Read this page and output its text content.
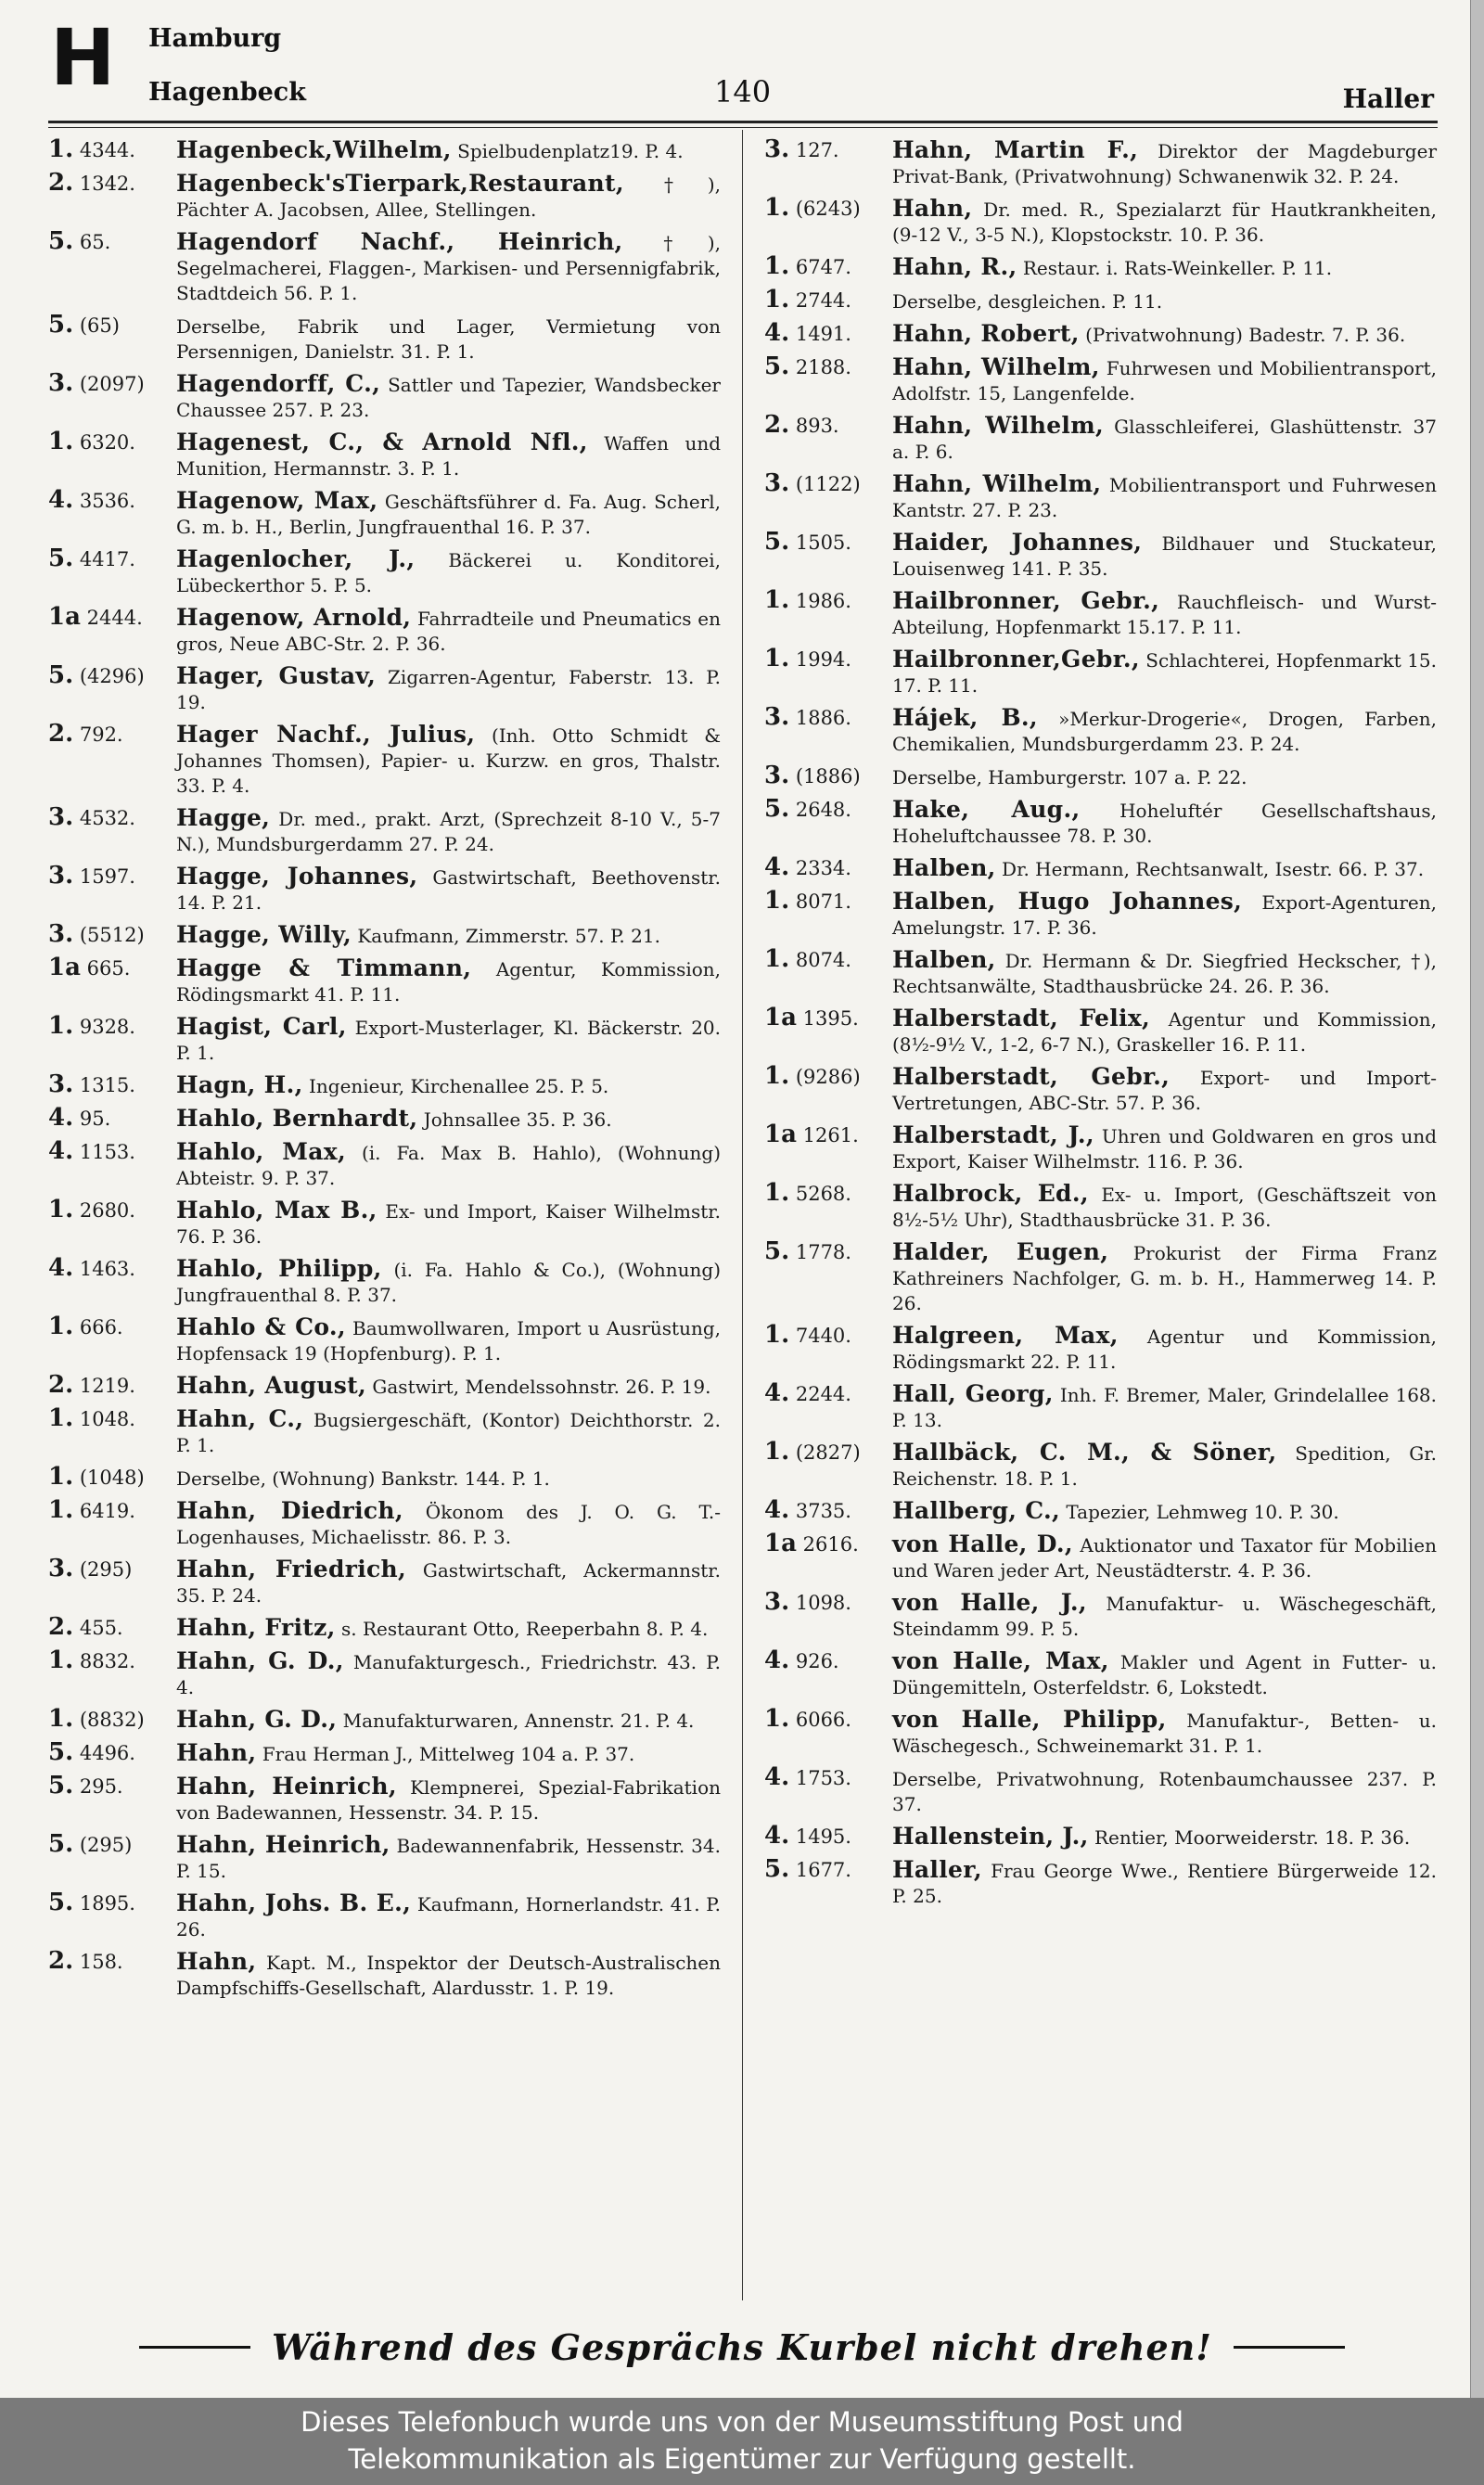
H Hamburg
Hagenbeck	140	Haller
1. 4344.	Hagenbeck,Wilhelm, Spielbudenplatz19. P. 4.
2. 1342.	Hagenbeck'sTierpark,Restaurant, †), Pächter A. Jacobsen, Allee, Stellingen.
5. 65.	Hagendorf Nachf., Heinrich, †), Segelmacherei, Flaggen-, Markisen- und Persennigfabrik, Stadtdeich 56. P. 1.
5. (65)	Derselbe, Fabrik und Lager, Vermietung von Persennigen, Danielstr. 31. P. 1.
3. (2097)	Hagendorff, C., Sattler und Tapezier, Wandsbecker Chaussee 257. P. 23.
1. 6320.	Hagenest, C., & Arnold Nfl., Waffen und Munition, Hermannstr. 3. P. 1.
4. 3536.	Hagenow, Max, Geschäftsführer d. Fa. Aug. Scherl, G. m. b. H., Berlin, Jungfrauenthal 16. P. 37.
5. 4417.	Hagenlocher, J., Bäckerei u. Konditorei, Lübeckerthor 5. P. 5.
1a 2444.	Hagenow, Arnold, Fahrradteile und Pneumatics en gros, Neue ABC-Str. 2. P. 36.
5. (4296)	Hager, Gustav, Zigarren-Agentur, Faberstr. 13. P. 19.
2. 792.	Hager Nachf., Julius, (Inh. Otto Schmidt & Johannes Thomsen), Papier- u. Kurzw. en gros, Thalstr. 33. P. 4.
3. 4532.	Hagge, Dr. med., prakt. Arzt, (Sprechzeit 8-10 V., 5-7 N.), Mundsburgerdamm 27. P. 24.
3. 1597.	Hagge, Johannes, Gastwirtschaft, Beethovenstr. 14. P. 21.
3. (5512)	Hagge, Willy, Kaufmann, Zimmerstr. 57. P. 21.
1a 665.	Hagge & Timmann, Agentur, Kommission, Rödingsmarkt 41. P. 11.
1. 9328.	Hagist, Carl, Export-Musterlager, Kl. Bäckerstr. 20. P. 1.
3. 1315.	Hagn, H., Ingenieur, Kirchenallee 25. P. 5.
4. 95.	Hahlo, Bernhardt, Johnsallee 35. P. 36.
4. 1153.	Hahlo, Max, (i. Fa. Max B. Hahlo), (Wohnung) Abteistr. 9. P. 37.
1. 2680.	Hahlo, Max B., Ex- und Import, Kaiser Wilhelmstr. 76. P. 36.
4. 1463.	Hahlo, Philipp, (i. Fa. Hahlo & Co.), (Wohnung) Jungfrauenthal 8. P. 37.
1. 666.	Hahlo & Co., Baumwollwaren, Import u Ausrüstung, Hopfensack 19 (Hopfenburg). P. 1.
2. 1219.	Hahn, August, Gastwirt, Mendelssohnstr. 26. P. 19.
1. 1048.	Hahn, C., Bugsiergeschäft, (Kontor) Deichthorstr. 2. P. 1.
1. (1048)	Derselbe, (Wohnung) Bankstr. 144. P. 1.
1. 6419.	Hahn, Diedrich, Ökonom des J. O. G. T.-Logenhauses, Michaelisstr. 86. P. 3.
3. (295)	Hahn, Friedrich, Gastwirtschaft, Ackermannstr. 35. P. 24.
2. 455.	Hahn, Fritz, s. Restaurant Otto, Reeperbahn 8. P. 4.
1. 8832.	Hahn, G. D., Manufakturgesch., Friedrichstr. 43. P. 4.
1. (8832)	Hahn, G. D., Manufakturwaren, Annenstr. 21. P. 4.
5. 4496.	Hahn, Frau Herman J., Mittelweg 104 a. P. 37.
5. 295.	Hahn, Heinrich, Klempnerei, Spezial-Fabrikation von Badewannen, Hessenstr. 34. P. 15.
5. (295)	Hahn, Heinrich, Badewannenfabrik, Hessenstr. 34. P. 15.
5. 1895.	Hahn, Johs. B. E., Kaufmann, Hornerlandstr. 41. P. 26.
2. 158.	Hahn, Kapt. M., Inspektor der Deutsch-Australischen Dampfschiffs-Gesellschaft, Alardusstr. 1. P. 19.
3. 127.	Hahn, Martin F., Direktor der Magdeburger Privat-Bank, (Privatwohnung) Schwanenwik 32. P. 24.
1. (6243)	Hahn, Dr. med. R., Spezialarzt für Hautkrankheiten, (9-12 V., 3-5 N.), Klopstockstr. 10. P. 36.
1. 6747.	Hahn, R., Restaur. i. Rats-Weinkeller. P. 11.
1. 2744.	Derselbe, desgleichen. P. 11.
4. 1491.	Hahn, Robert, (Privatwohnung) Badestr. 7. P. 36.
5. 2188.	Hahn, Wilhelm, Fuhrwesen und Mobilientransport, Adolfstr. 15, Langenfelde.
2. 893.	Hahn, Wilhelm, Glasschleiferei, Glashüttenstr. 37 a. P. 6.
3. (1122)	Hahn, Wilhelm, Mobilientransport und Fuhrwesen Kantstr. 27. P. 23.
5. 1505.	Haider, Johannes, Bildhauer und Stuckateur, Louisenweg 141. P. 35.
1. 1986.	Hailbronner, Gebr., Rauchfleisch- und Wurst-Abteilung, Hopfenmarkt 15.17. P. 11.
1. 1994.	Hailbronner,Gebr., Schlachterei, Hopfenmarkt 15. 17. P. 11.
3. 1886.	Hájek, B., »Merkur-Drogerie«, Drogen, Farben, Chemikalien, Mundsburgerdamm 23. P. 24.
3. (1886)	Derselbe, Hamburgerstr. 107 a. P. 22.
5. 2648.	Hake, Aug., Hoheluftér Gesellschaftshaus, Hoheluftchaussee 78. P. 30.
4. 2334.	Halben, Dr. Hermann, Rechtsanwalt, Isestr. 66. P. 37.
1. 8071.	Halben, Hugo Johannes, Export-Agenturen, Amelungstr. 17. P. 36.
1. 8074.	Halben, Dr. Hermann & Dr. Siegfried Heckscher, †), Rechtsanwälte, Stadthausbrücke 24. 26. P. 36.
1a 1395.	Halberstadt, Felix, Agentur und Kommission, (8½-9½ V., 1-2, 6-7 N.), Graskeller 16. P. 11.
1. (9286)	Halberstadt, Gebr., Export- und Import-Vertretungen, ABC-Str. 57. P. 36.
1a 1261.	Halberstadt, J., Uhren und Goldwaren en gros und Export, Kaiser Wilhelmstr. 116. P. 36.
1. 5268.	Halbrock, Ed., Ex- u. Import, (Geschäftszeit von 8½-5½ Uhr), Stadthausbrücke 31. P. 36.
5. 1778.	Halder, Eugen, Prokurist der Firma Franz Kathreiners Nachfolger, G. m. b. H., Hammerweg 14. P. 26.
1. 7440.	Halgreen, Max, Agentur und Kommission, Rödingsmarkt 22. P. 11.
4. 2244.	Hall, Georg, Inh. F. Bremer, Maler, Grindelallee 168. P. 13.
1. (2827)	Hallbäck, C. M., & Söner, Spedition, Gr. Reichenstr. 18. P. 1.
4. 3735.	Hallberg, C., Tapezier, Lehmweg 10. P. 30.
1a 2616.	von Halle, D., Auktionator und Taxator für Mobilien und Waren jeder Art, Neustädterstr. 4. P. 36.
3. 1098.	von Halle, J., Manufaktur- u. Wäschegeschäft, Steindamm 99. P. 5.
4. 926.	von Halle, Max, Makler und Agent in Futter- u. Düngemitteln, Osterfeldstr. 6, Lokstedt.
1. 6066.	von Halle, Philipp, Manufaktur-, Betten- u. Wäschegesch., Schweinemarkt 31. P. 1.
4. 1753.	Derselbe, Privatwohnung, Rotenbaumchaussee 237. P. 37.
4. 1495.	Hallenstein, J., Rentier, Moorweiderstr. 18. P. 36.
5. 1677.	Haller, Frau George Wwe., Rentiere Bürgerweide 12. P. 25.
Während des Gesprächs Kurbel nicht drehen!
Dieses Telefonbuch wurde uns von der Museumsstiftung Post und
Telekommunikation als Eigentümer zur Verfügung gestellt.
